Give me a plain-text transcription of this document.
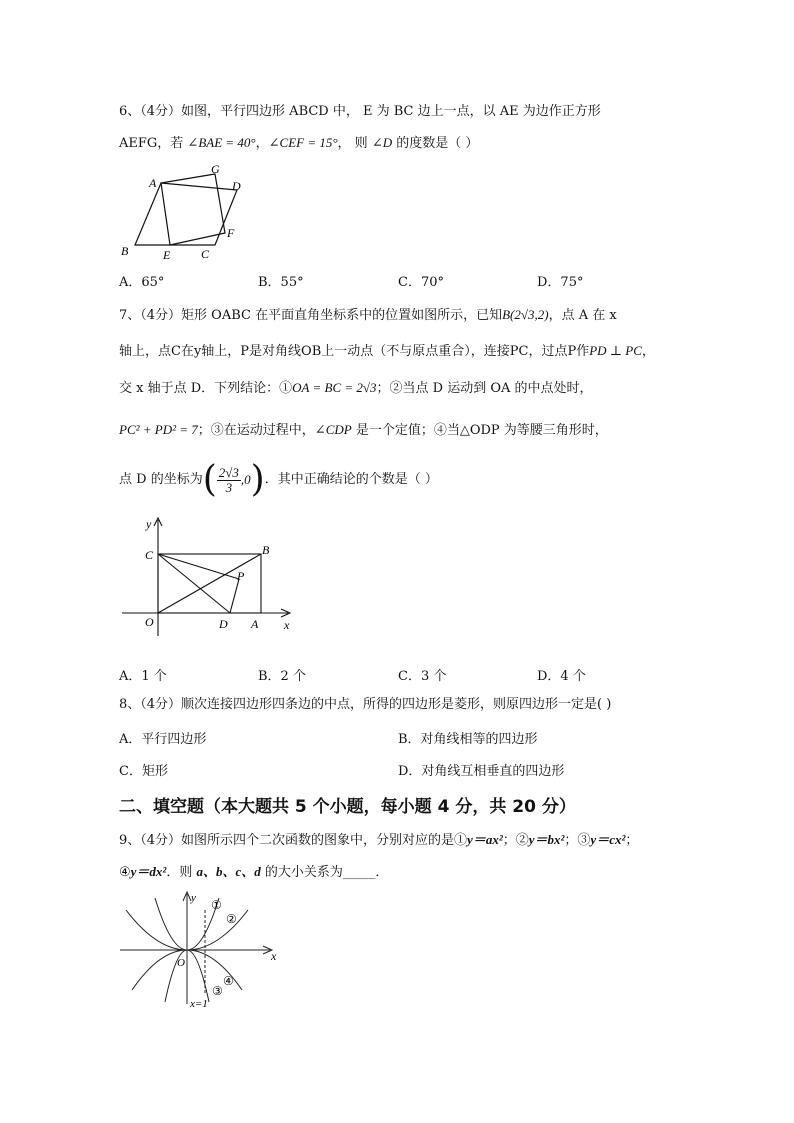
6、（4分）如图，平行四边形 ABCD 中， E 为 BC 边上一点，以 AE 为边作正方形
AEFG，若 ∠BAE = 40°，∠CEF = 15°， 则 ∠D 的度数是（ ）
A
G
D
F
B	E	C
A．65°	B．55°	C．70°	D．75°
7、（4分）矩形 OABC 在平面直角坐标系中的位置如图所示，已知B(2√3,2)，点 A 在 x
轴上，点C在y轴上，P是对角线OB上一动点（不与原点重合），连接PC，过点P作PD ⊥ PC，
交 x 轴于点 D．下列结论：①OA = BC = 2√3；②当点 D 运动到 OA 的中点处时，
PC² + PD² = 7；③在运动过程中，∠CDP 是一个定值；④当△ODP 为等腰三角形时，
点 D 的坐标为( $\frac{2√3}{3} ,0$)．其中正确结论的个数是（ ）
y
x
C	B
P
O	D A
A．1 个	B．2 个	C．3 个	D．4 个
8、（4分）顺次连接四边形四条边的中点，所得的四边形是菱形，则原四边形一定是( )
A．平行四边形	B．对角线相等的四边形
C．矩形	D．对角线互相垂直的四边形
二、填空题（本大题共 5 个小题，每小题 4 分，共 20 分）
9、（4分）如图所示四个二次函数的图象中，分别对应的是①y＝ax²；②y＝bx²；③y＝cx²；
④y＝dx²．则 a、b、c、d 的大小关系为_____．
y
x
O
①
②
④
③
x=1
